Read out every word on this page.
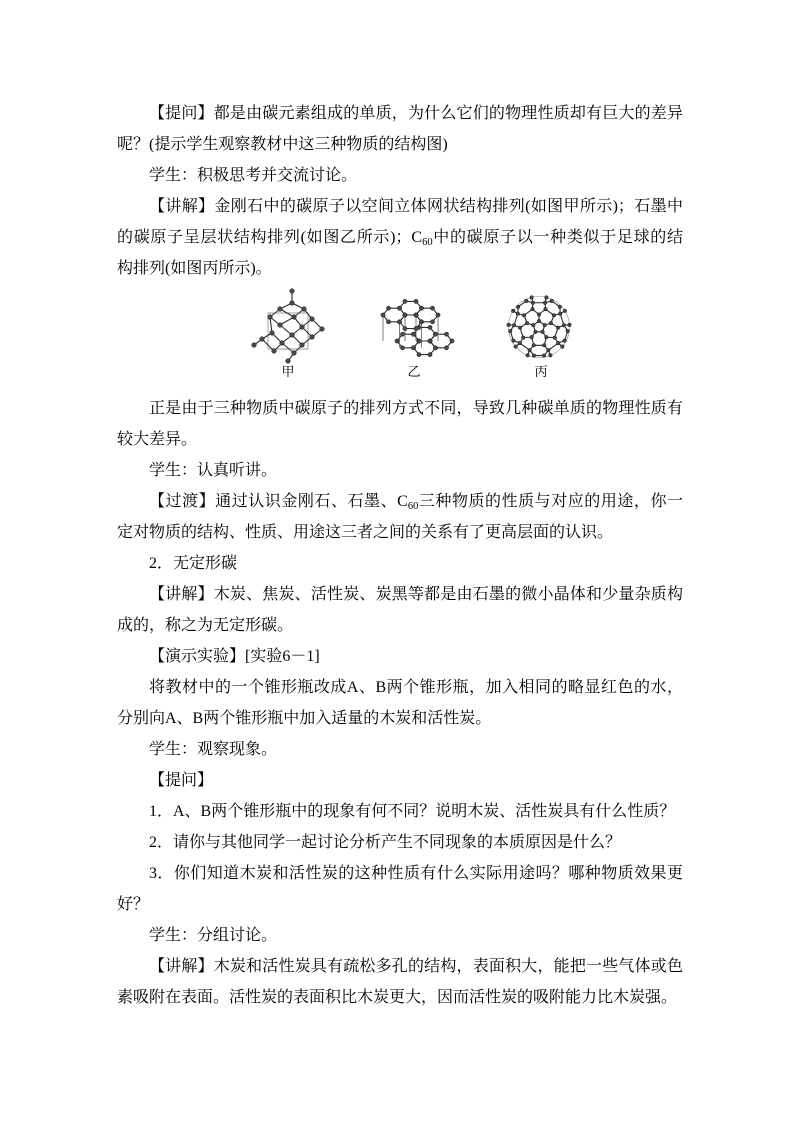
【提问】都是由碳元素组成的单质，为什么它们的物理性质却有巨大的差异
呢？(提示学生观察教材中这三种物质的结构图)
学生：积极思考并交流讨论。
【讲解】金刚石中的碳原子以空间立体网状结构排列(如图甲所示)；石墨中
的碳原子呈层状结构排列(如图乙所示)；$C_{60}$中的碳原子以一种类似于足球的结
构排列(如图丙所示)。
甲	乙	丙
正是由于三种物质中碳原子的排列方式不同，导致几种碳单质的物理性质有
较大差异。
学生：认真听讲。
【过渡】通过认识金刚石、石墨、$C_{60}$三种物质的性质与对应的用途，你一
定对物质的结构、性质、用途这三者之间的关系有了更高层面的认识。
2．无定形碳
【讲解】木炭、焦炭、活性炭、炭黑等都是由石墨的微小晶体和少量杂质构
成的，称之为无定形碳。
【演示实验】[实验6－1]
将教材中的一个锥形瓶改成A、B两个锥形瓶，加入相同的略显红色的水，
分别向A、B两个锥形瓶中加入适量的木炭和活性炭。
学生：观察现象。
【提问】
1．A、B两个锥形瓶中的现象有何不同？说明木炭、活性炭具有什么性质？
2．请你与其他同学一起讨论分析产生不同现象的本质原因是什么？
3．你们知道木炭和活性炭的这种性质有什么实际用途吗？哪种物质效果更
好？
学生：分组讨论。
【讲解】木炭和活性炭具有疏松多孔的结构，表面积大，能把一些气体或色
素吸附在表面。活性炭的表面积比木炭更大，因而活性炭的吸附能力比木炭强。
